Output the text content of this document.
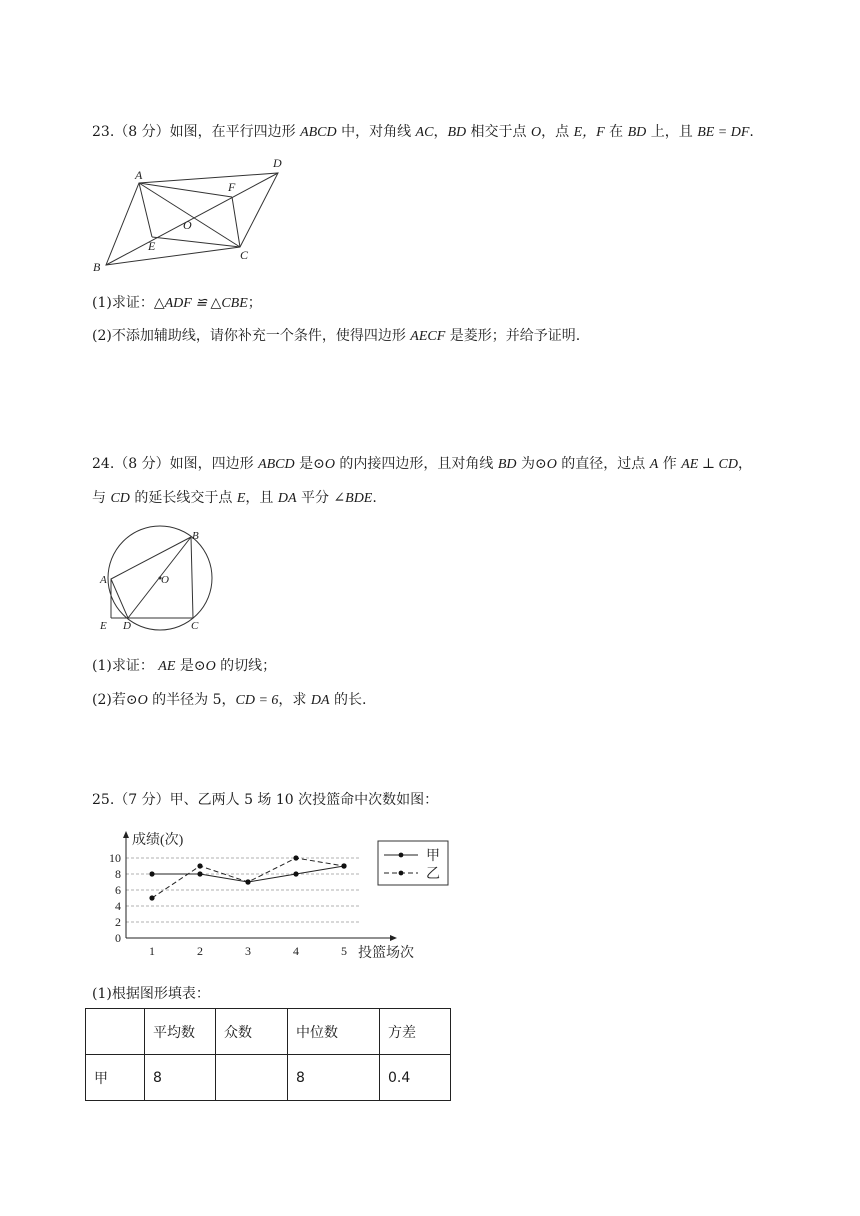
23.（8 分）如图，在平行四边形 ABCD 中，对角线 AC，BD 相交于点 O，点 E，F 在 BD 上，且 BE = DF.
A
B
C
D
E
F
O
(1)求证：△ADF ≌ △CBE；
(2)不添加辅助线，请你补充一个条件，使得四边形 AECF 是菱形；并给予证明.
24.（8 分）如图，四边形 ABCD 是⊙O 的内接四边形，且对角线 BD 为⊙O 的直径，过点 A 作 AE ⊥ CD，
与 CD 的延长线交于点 E，且 DA 平分 ∠BDE.
A
B
C
D
E
O
(1)求证： AE 是⊙O 的切线；
(2)若⊙O 的半径为 5，CD = 6，求 DA 的长.
25.（7 分）甲、乙两人 5 场 10 次投篮命中次数如图：
0
2
4
6
8
10
成绩(次)
投篮场次
1	2	3	4	5
甲
乙
(1)根据图形填表：
	平均数	众数	中位数	方差
甲	8		8	0.4
